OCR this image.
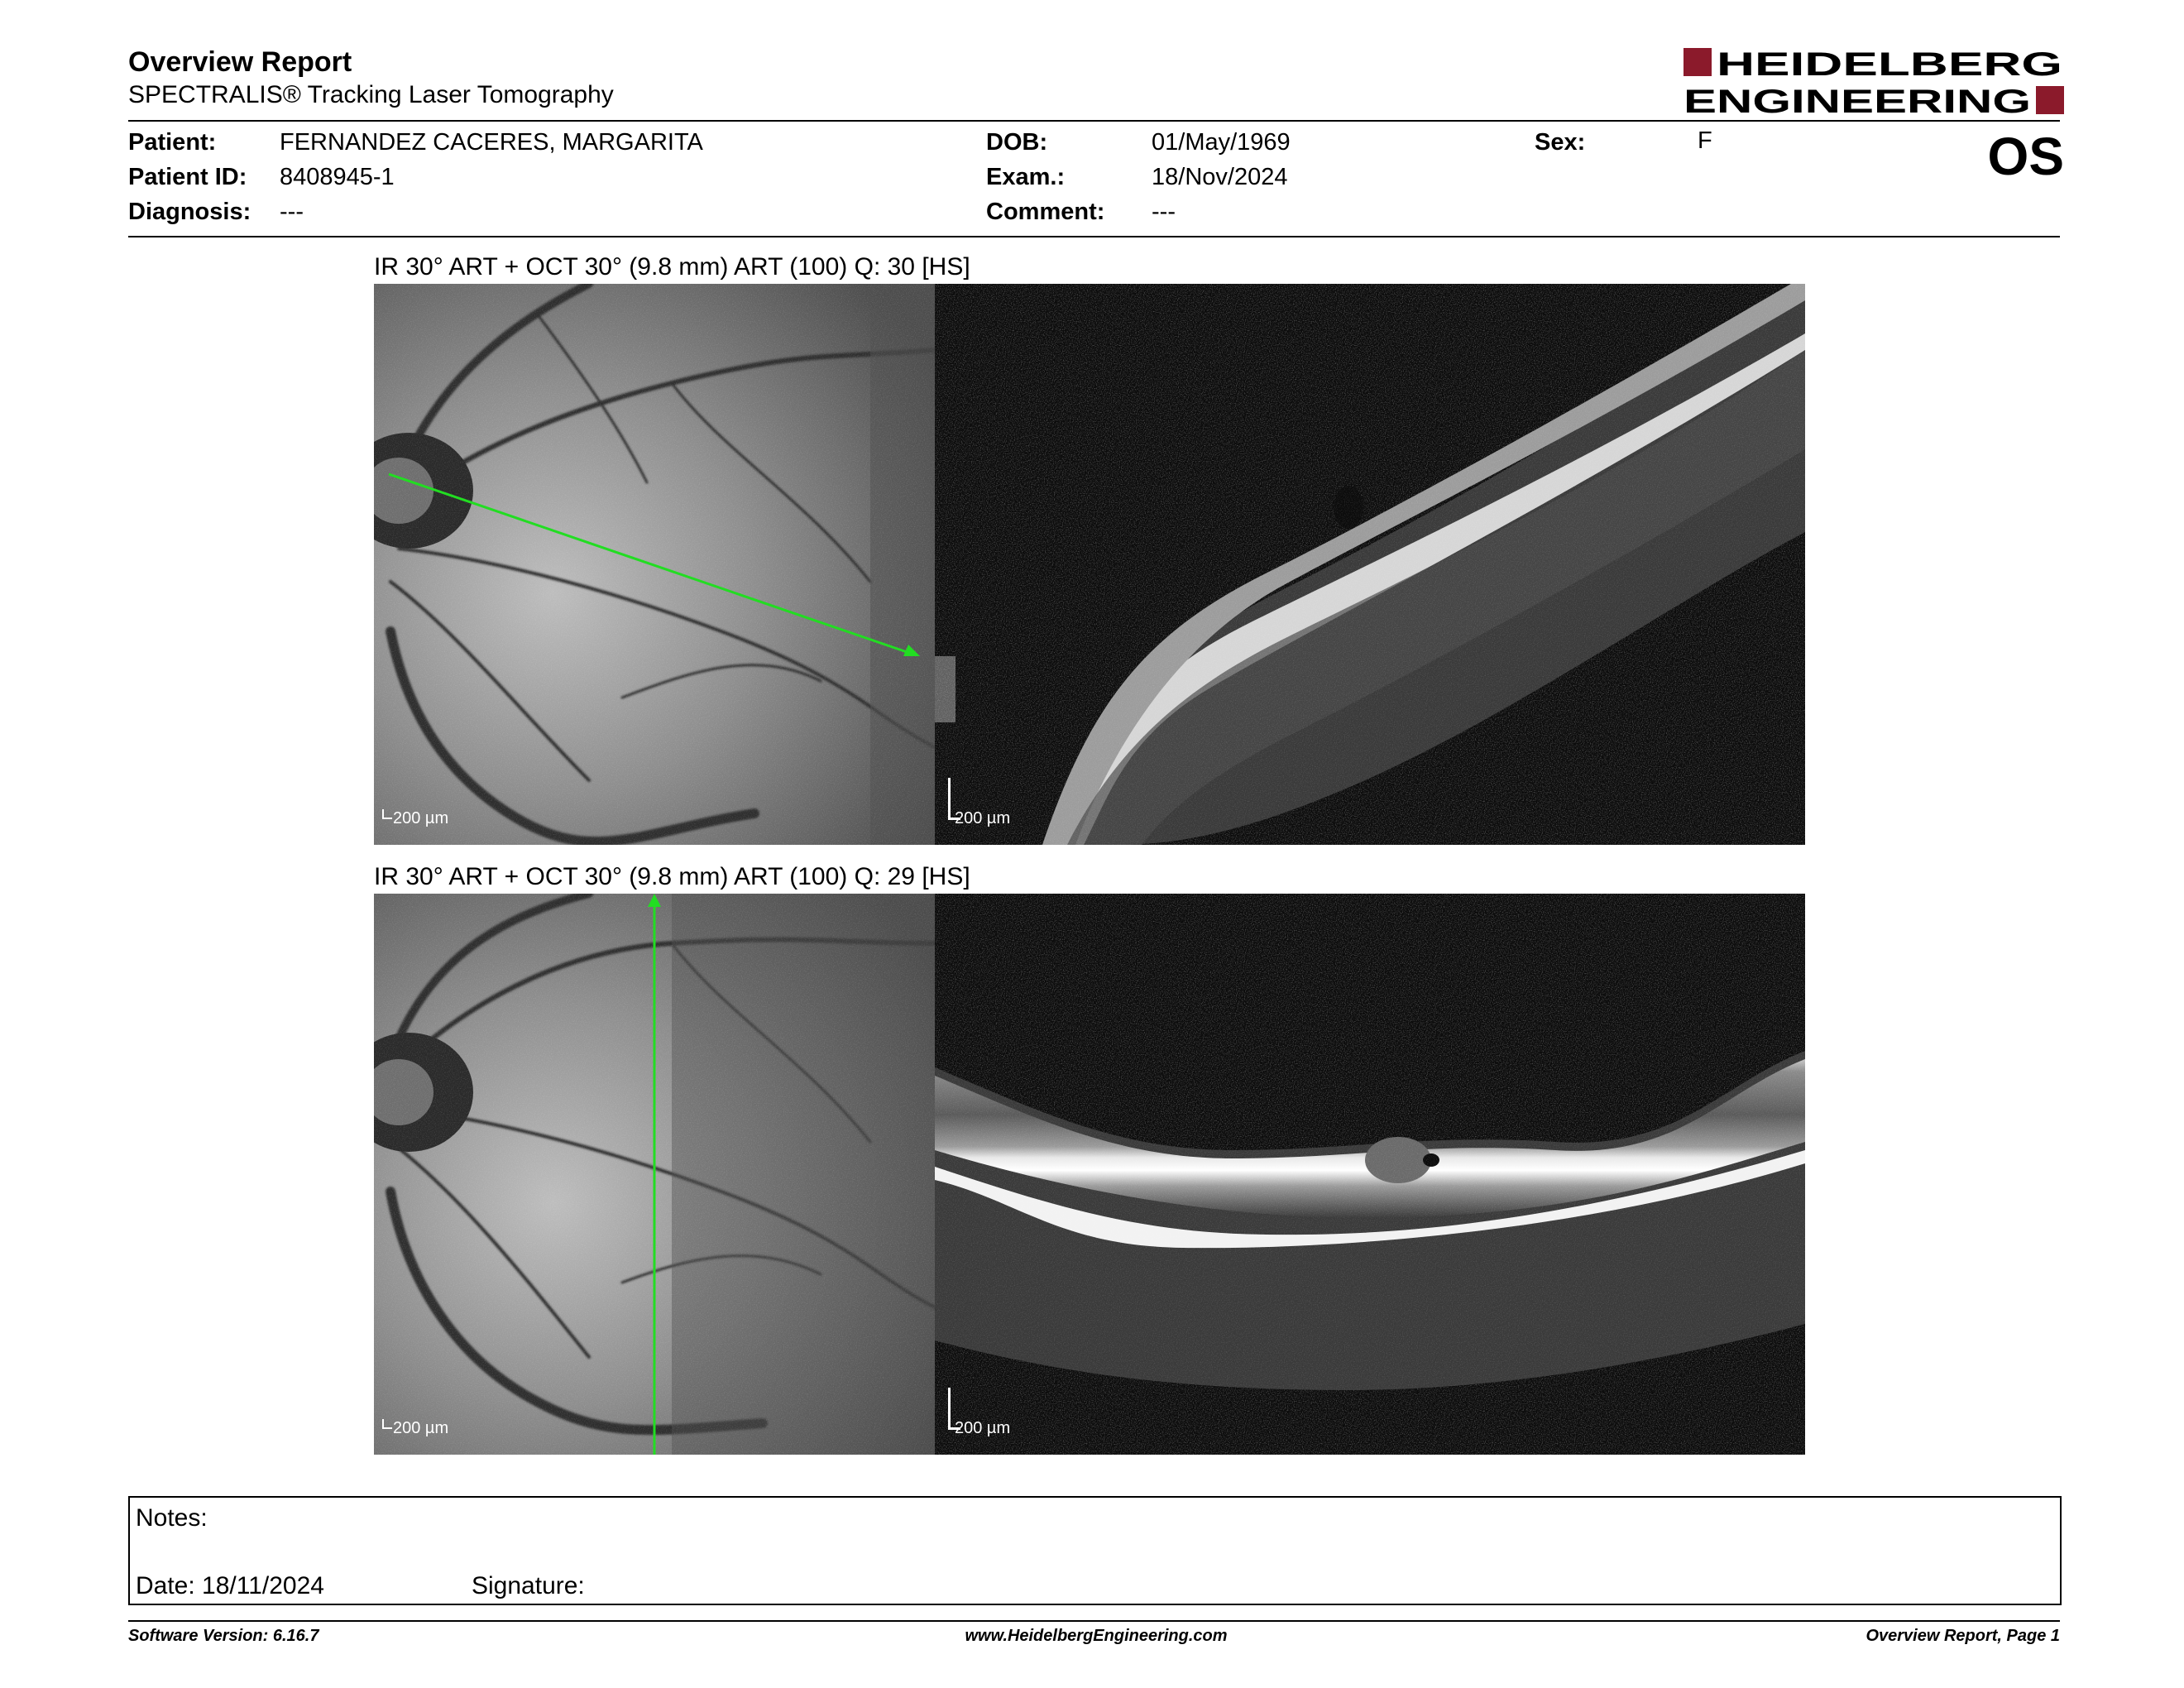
Overview Report
SPECTRALIS® Tracking Laser Tomography
HEIDELBERG
ENGINEERING
Patient:	FERNANDEZ CACERES, MARGARITA
Patient ID: 8408945-1
Diagnosis: ---
DOB:	01/May/1969
Exam.:	18/Nov/2024
Comment: ---
Sex:	F	OS
IR 30° ART + OCT 30° (9.8 mm) ART (100) Q: 30 [HS]
200 µm	200 µm
IR 30° ART + OCT 30° (9.8 mm) ART (100) Q: 29 [HS]
200 µm	200 µm
Notes:
Date: 18/11/2024	Signature:
Software Version: 6.16.7	www.HeidelbergEngineering.com	Overview Report, Page 1
